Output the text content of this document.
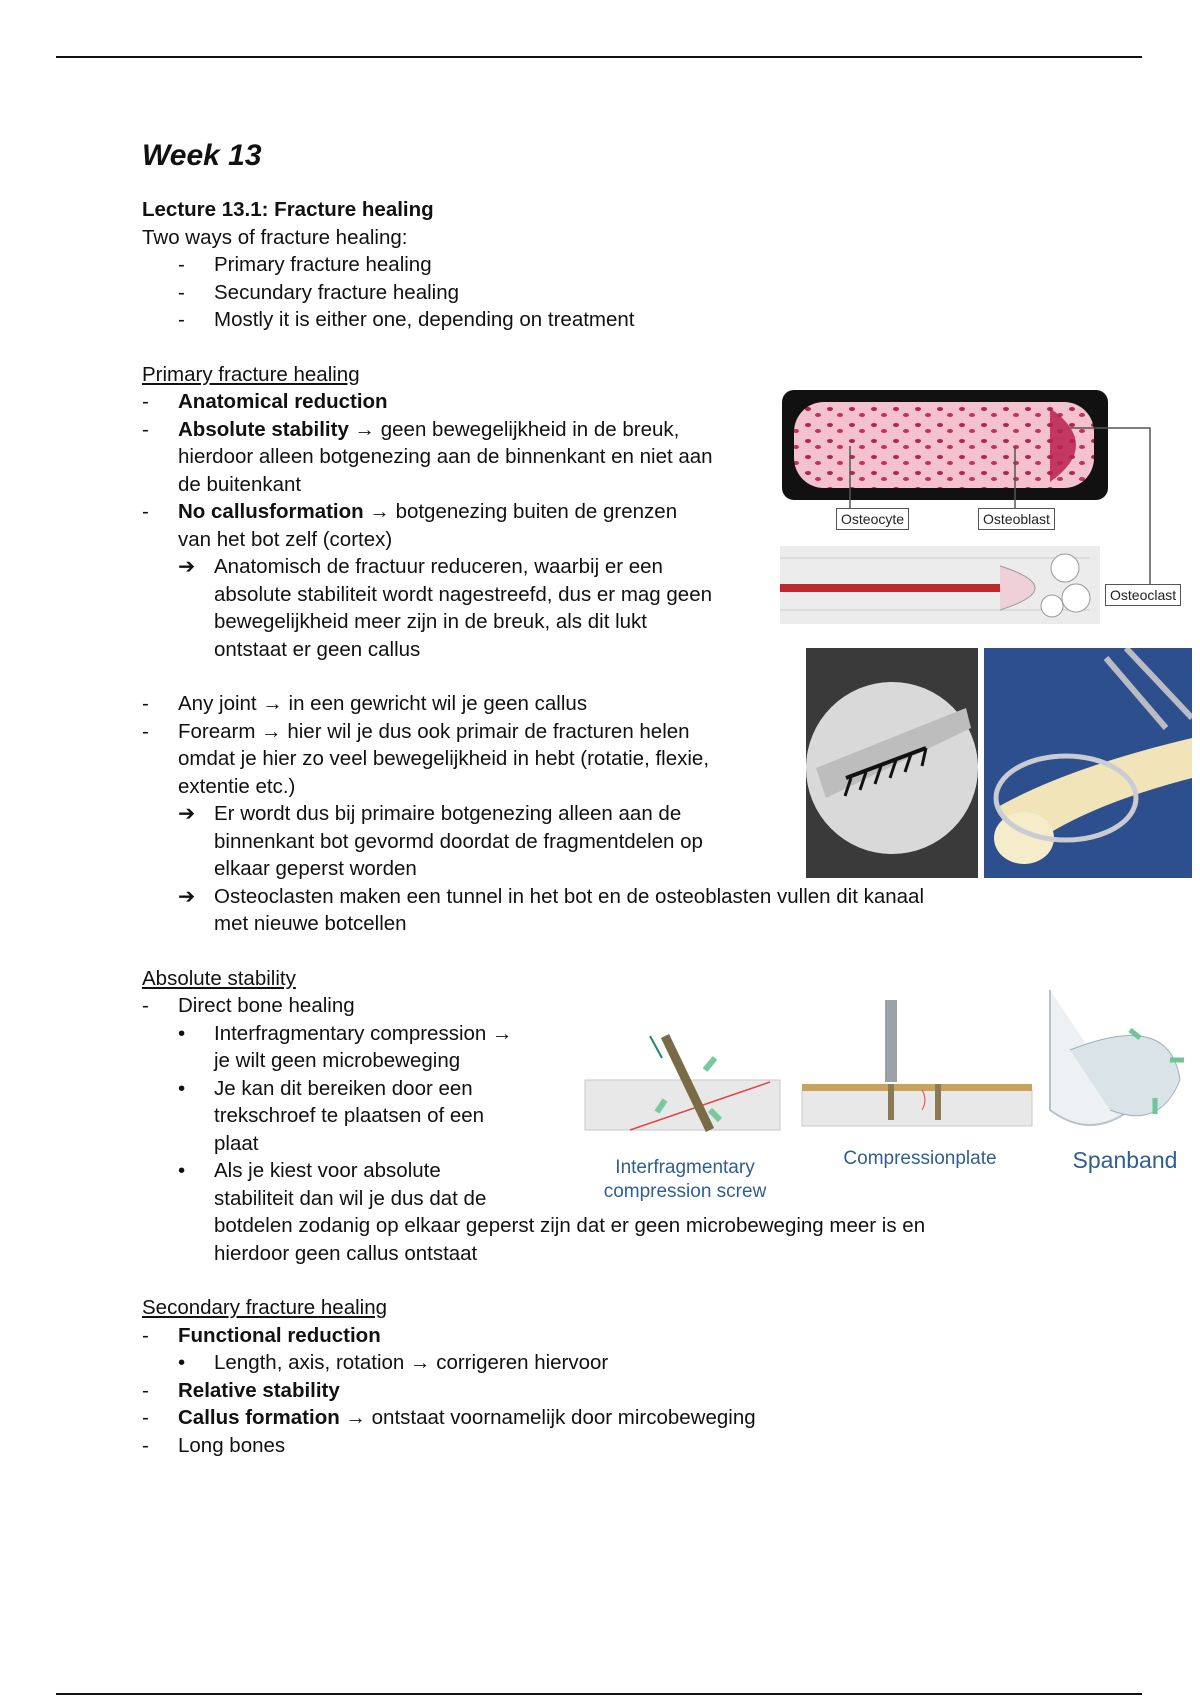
Week 13
Lecture 13.1: Fracture healing
Two ways of fracture healing:
-	Primary fracture healing
-	Secundary fracture healing
-	Mostly it is either one, depending on treatment
Primary fracture healing
-	Anatomical reduction
-	Absolute stability → geen bewegelijkheid in de breuk,
hierdoor alleen botgenezing aan de binnenkant en niet aan
de buitenkant
-	No callusformation → botgenezing buiten de grenzen
van het bot zelf (cortex)
➔ Anatomisch de fractuur reduceren, waarbij er een
absolute stabiliteit wordt nagestreefd, dus er mag geen
bewegelijkheid meer zijn in de breuk, als dit lukt
ontstaat er geen callus
-	Any joint → in een gewricht wil je geen callus
-	Forearm → hier wil je dus ook primair de fracturen helen
omdat je hier zo veel bewegelijkheid in hebt (rotatie, flexie,
extentie etc.)
➔ Er wordt dus bij primaire botgenezing alleen aan de
binnenkant bot gevormd doordat de fragmentdelen op
elkaar geperst worden
➔ Osteoclasten maken een tunnel in het bot en de osteoblasten vullen dit kanaal
met nieuwe botcellen
Absolute stability
-	Direct bone healing
•	Interfragmentary compression →
je wilt geen microbeweging
•	Je kan dit bereiken door een
trekschroef te plaatsen of een
plaat
•	Als je kiest voor absolute
stabiliteit dan wil je dus dat de
botdelen zodanig op elkaar geperst zijn dat er geen microbeweging meer is en
hierdoor geen callus ontstaat
Secondary fracture healing
-	Functional reduction
•	Length, axis, rotation → corrigeren hiervoor
-	Relative stability
-	Callus formation → ontstaat voornamelijk door mircobeweging
-	Long bones
Osteocyte	Osteoblast
Osteoclast
Interfragmentary
compression screw
Compressionplate	Spanband
